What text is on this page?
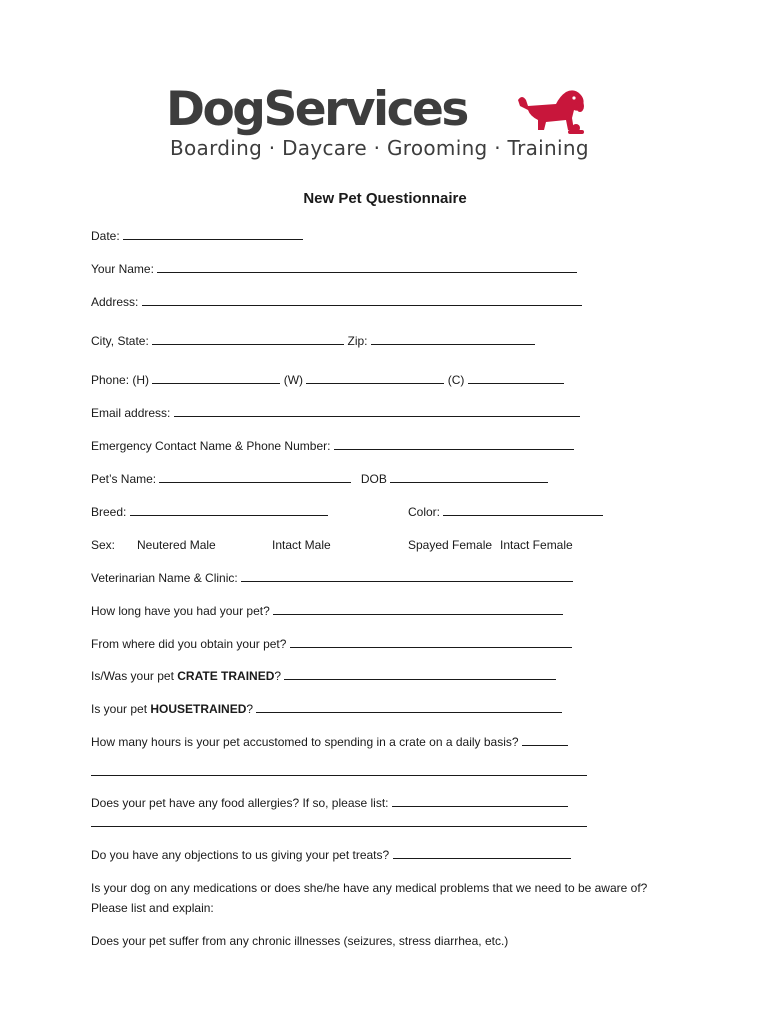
DogServices
Boarding · Daycare · Grooming · Training
New Pet Questionnaire
Date:
Your Name:
Address:
City, State:	Zip:
Phone: (H)	(W)	(C)
Email address:
Emergency Contact Name & Phone Number:
Pet’s Name:	DOB
Breed:	Color:
Sex: Neutered Male	Intact Male	Spayed Female Intact Female
Veterinarian Name & Clinic:
How long have you had your pet?
From where did you obtain your pet?
Is/Was your pet CRATE TRAINED?
Is your pet HOUSETRAINED?
How many hours is your pet accustomed to spending in a crate on a daily basis?
Does your pet have any food allergies? If so, please list:
Do you have any objections to us giving your pet treats?
Is your dog on any medications or does she/he have any medical problems that we need to be aware of?
Please list and explain:
Does your pet suffer from any chronic illnesses (seizures, stress diarrhea, etc.)
